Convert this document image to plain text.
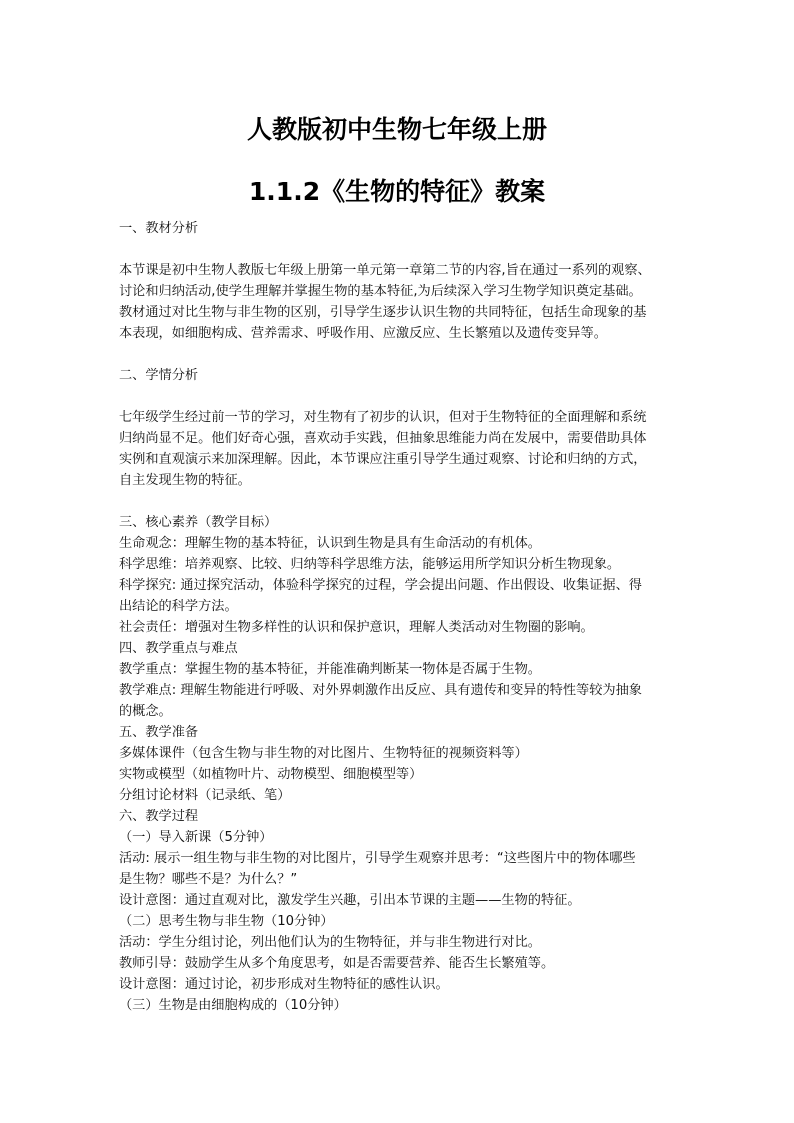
人教版初中生物七年级上册
1.1.2《生物的特征》教案
一、教材分析
本节课是初中生物人教版七年级上册第一单元第一章第二节的内容,旨在通过一系列的观察、
讨论和归纳活动,使学生理解并掌握生物的基本特征,为后续深入学习生物学知识奠定基础。
教材通过对比生物与非生物的区别，引导学生逐步认识生物的共同特征，包括生命现象的基
本表现，如细胞构成、营养需求、呼吸作用、应激反应、生长繁殖以及遗传变异等。
二、学情分析
七年级学生经过前一节的学习，对生物有了初步的认识，但对于生物特征的全面理解和系统
归纳尚显不足。他们好奇心强，喜欢动手实践，但抽象思维能力尚在发展中，需要借助具体
实例和直观演示来加深理解。因此，本节课应注重引导学生通过观察、讨论和归纳的方式，
自主发现生物的特征。
三、核心素养（教学目标）
生命观念：理解生物的基本特征，认识到生物是具有生命活动的有机体。
科学思维：培养观察、比较、归纳等科学思维方法，能够运用所学知识分析生物现象。
科学探究: 通过探究活动，体验科学探究的过程，学会提出问题、作出假设、收集证据、得
出结论的科学方法。
社会责任：增强对生物多样性的认识和保护意识，理解人类活动对生物圈的影响。
四、教学重点与难点
教学重点：掌握生物的基本特征，并能准确判断某一物体是否属于生物。
教学难点: 理解生物能进行呼吸、对外界刺激作出反应、具有遗传和变异的特性等较为抽象
的概念。
五、教学准备
多媒体课件（包含生物与非生物的对比图片、生物特征的视频资料等）
实物或模型（如植物叶片、动物模型、细胞模型等）
分组讨论材料（记录纸、笔）
六、教学过程
（一）导入新课（5分钟）
活动: 展示一组生物与非生物的对比图片，引导学生观察并思考：“这些图片中的物体哪些
是生物？哪些不是？为什么？”
设计意图：通过直观对比，激发学生兴趣，引出本节课的主题——生物的特征。
（二）思考生物与非生物（10分钟）
活动：学生分组讨论，列出他们认为的生物特征，并与非生物进行对比。
教师引导：鼓励学生从多个角度思考，如是否需要营养、能否生长繁殖等。
设计意图：通过讨论，初步形成对生物特征的感性认识。
（三）生物是由细胞构成的（10分钟）
